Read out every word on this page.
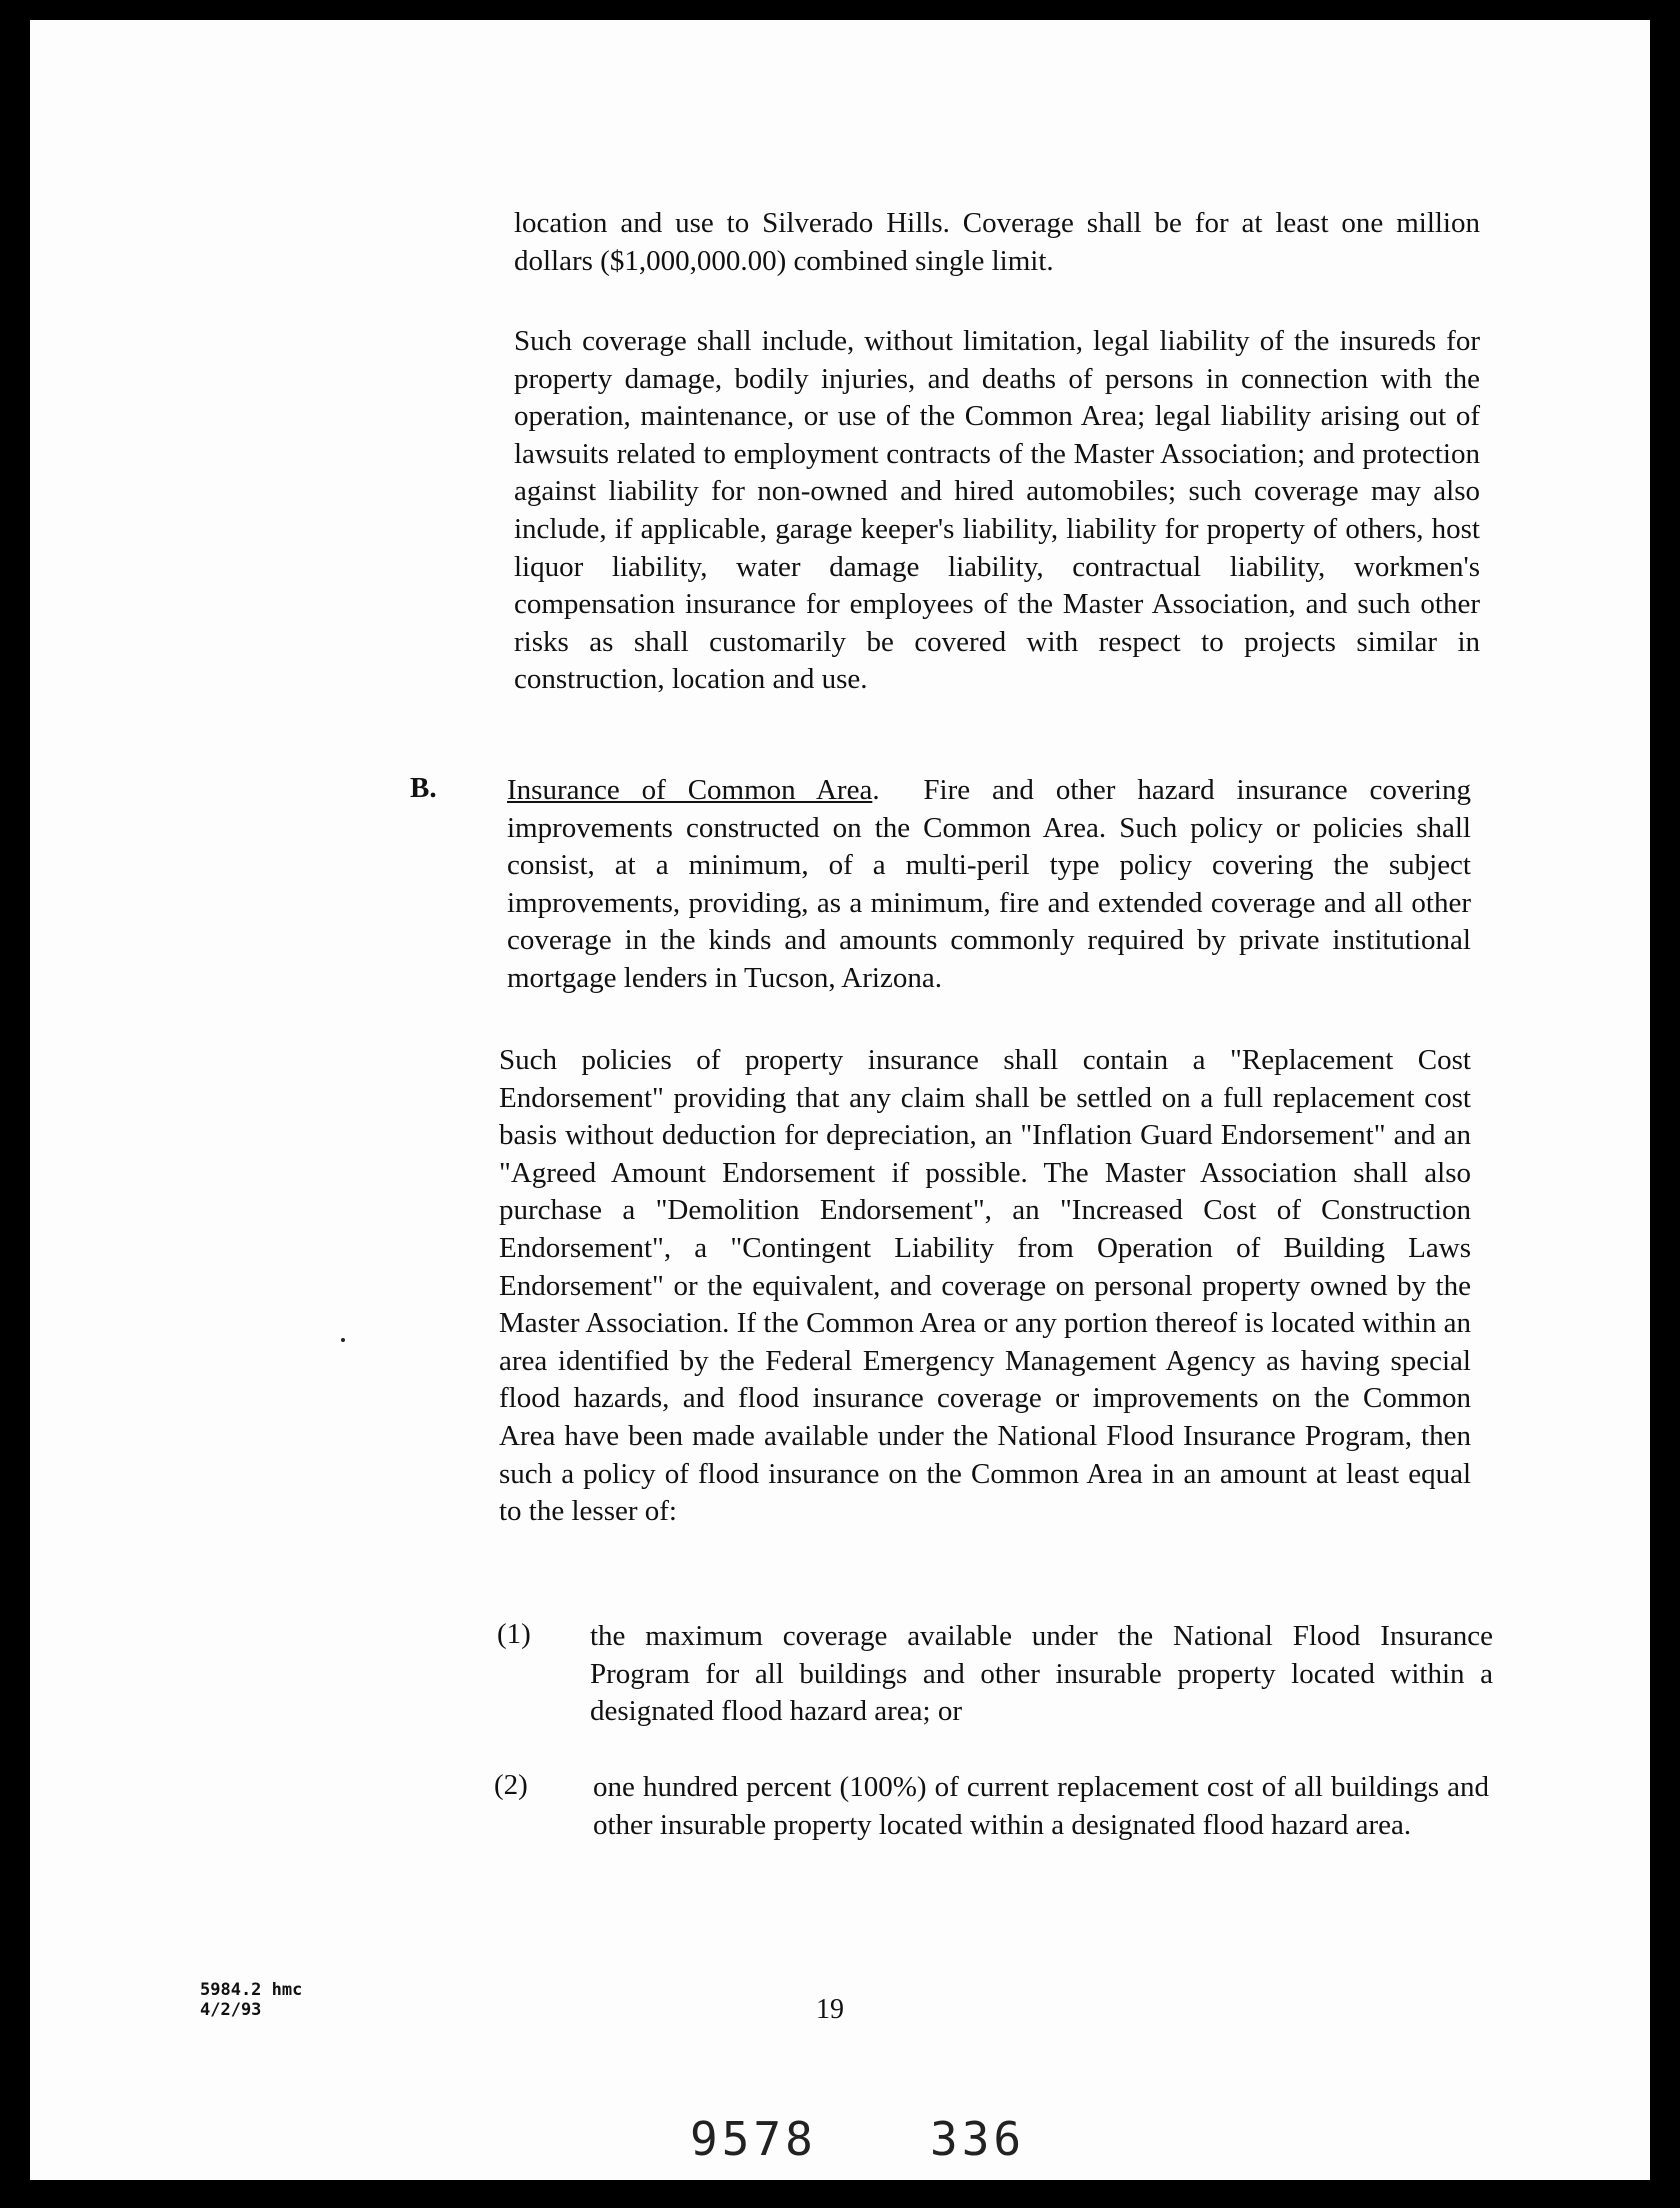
location and use to Silverado Hills. Coverage shall be for at least one million dollars ($1,000,000.00) combined single limit.

Such coverage shall include, without limitation, legal liability of the insureds for property damage, bodily injuries, and deaths of persons in connection with the operation, maintenance, or use of the Common Area; legal liability arising out of lawsuits related to employment contracts of the Master Association; and protection against liability for non-owned and hired automobiles; such coverage may also include, if applicable, garage keeper's liability, liability for property of others, host liquor liability, water damage liability, contractual liability, workmen's compensation insurance for employees of the Master Association, and such other risks as shall customarily be covered with respect to projects similar in construction, location and use.

B. Insurance of Common Area. Fire and other hazard insurance covering improvements constructed on the Common Area. Such policy or policies shall consist, at a minimum, of a multi-peril type policy covering the subject improvements, providing, as a minimum, fire and extended coverage and all other coverage in the kinds and amounts commonly required by private institutional mortgage lenders in Tucson, Arizona.

Such policies of property insurance shall contain a "Replacement Cost Endorsement" providing that any claim shall be settled on a full replacement cost basis without deduction for depreciation, an "Inflation Guard Endorsement" and an "Agreed Amount Endorsement if possible. The Master Association shall also purchase a "Demolition Endorsement", an "Increased Cost of Construction Endorsement", a "Contingent Liability from Operation of Building Laws Endorsement" or the equivalent, and coverage on personal property owned by the Master Association. If the Common Area or any portion thereof is located within an area identified by the Federal Emergency Management Agency as having special flood hazards, and flood insurance coverage or improvements on the Common Area have been made available under the National Flood Insurance Program, then such a policy of flood insurance on the Common Area in an amount at least equal to the lesser of:

(1) the maximum coverage available under the National Flood Insurance Program for all buildings and other insurable property located within a designated flood hazard area; or

(2) one hundred percent (100%) of current replacement cost of all buildings and other insurable property located within a designated flood hazard area.

5984.2 hmc
4/2/93	19
9578 336
